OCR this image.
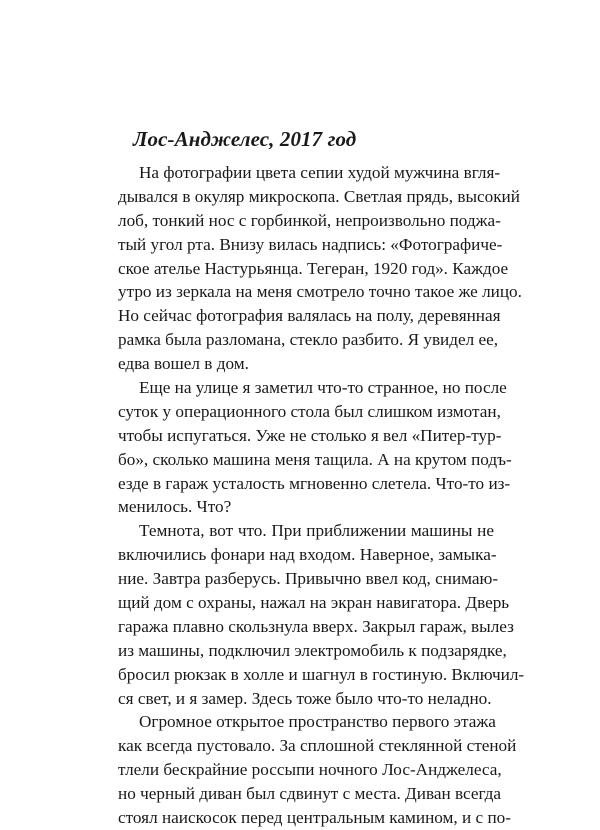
Лос-Анджелес, 2017 год
На фотографии цвета сепии худой мужчина вгля-
дывался в окуляр микроскопа. Светлая прядь, высокий
лоб, тонкий нос с горбинкой, непроизвольно поджа-
тый угол рта. Внизу вилась надпись: «Фотографиче-
ское ателье Настурьянца. Тегеран, 1920 год». Каждое
утро из зеркала на меня смотрело точно такое же лицо.
Но сейчас фотография валялась на полу, деревянная
рамка была разломана, стекло разбито. Я увидел ее,
едва вошел в дом.
Еще на улице я заметил что-то странное, но после
суток у операционного стола был слишком измотан,
чтобы испугаться. Уже не столько я вел «Питер-тур-
бо», сколько машина меня тащила. А на крутом подъ-
езде в гараж усталость мгновенно слетела. Что-то из-
менилось. Что?
Темнота, вот что. При приближении машины не
включились фонари над входом. Наверное, замыка-
ние. Завтра разберусь. Привычно ввел код, снимаю-
щий дом с охраны, нажал на экран навигатора. Дверь
гаража плавно скользнула вверх. Закрыл гараж, вылез
из машины, подключил электромобиль к подзарядке,
бросил рюкзак в холле и шагнул в гостиную. Включил-
ся свет, и я замер. Здесь тоже было что-то неладно.
Огромное открытое пространство первого этажа
как всегда пустовало. За сплошной стеклянной стеной
тлели бескрайние россыпи ночного Лос-Анджелеса,
но черный диван был сдвинут с места. Диван всегда
стоял наискосок перед центральным камином, и с по-
